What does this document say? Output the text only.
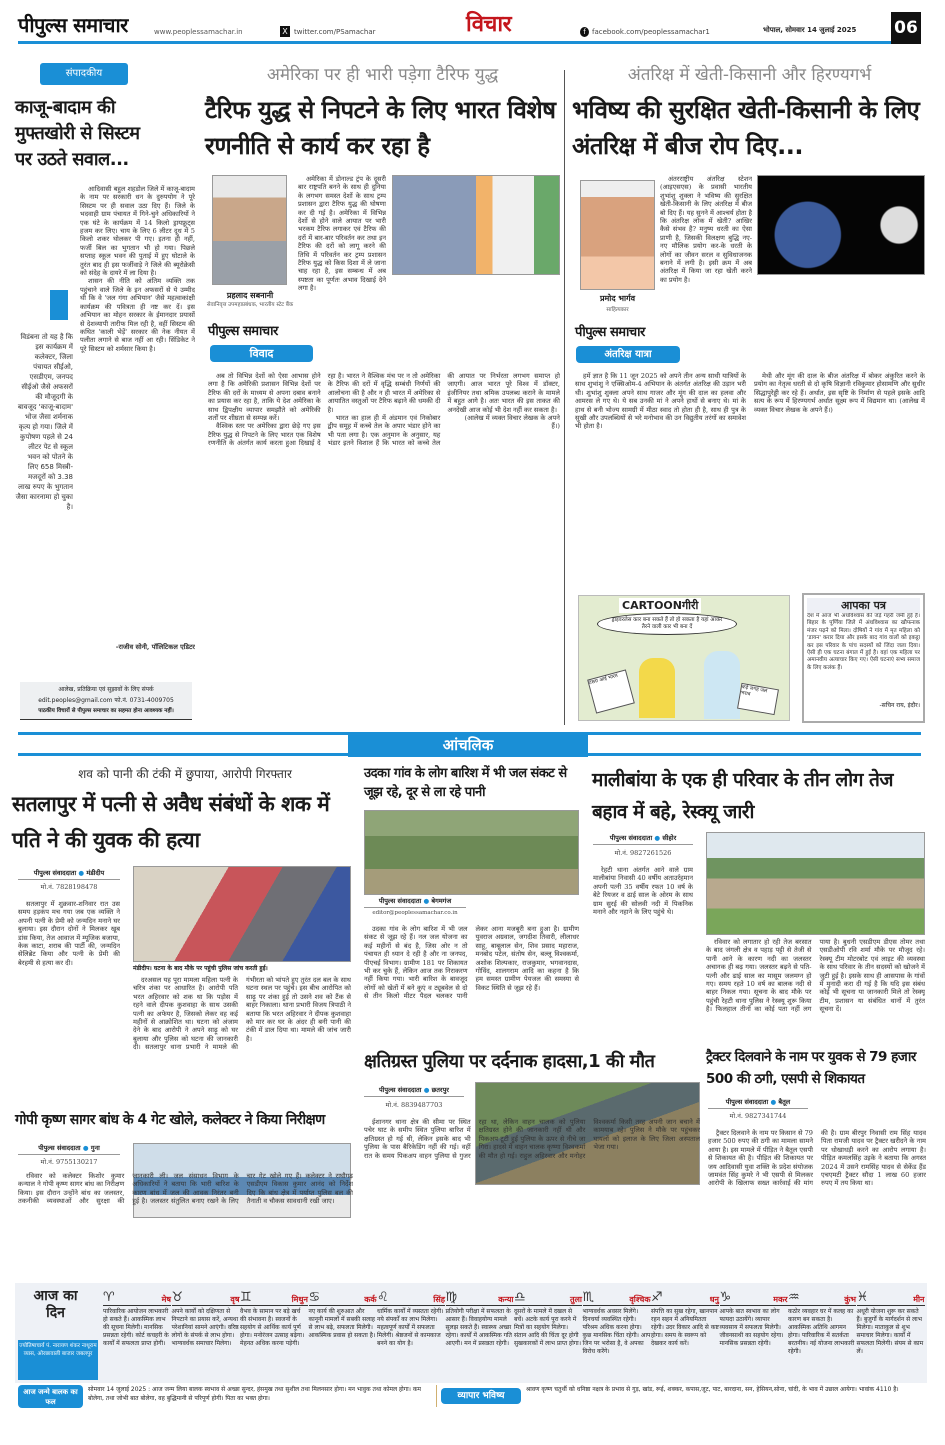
पीपुल्स समाचार	www.peoplessamachar.in	X twitter.com/PSamachar	विचार	f facebook.com/peoplessamachar1	भोपाल, सोमवार 14 जुलाई 2025 06
संपादकीय
काजू-बादाम की मुफ्तखोरी से सिस्टम पर उठते सवाल...
विडंबना तो यह है कि इस कार्यक्रम में कलेक्टर, जिला पंचायत सीईओ, एसडीएम, जनपद सीईओ जैसे अफसरों की मौजूदगी के बावजूद 'काजू-बादाम' भोज जैसा शर्मनाक कृत्य हो गया। जिले में कुपोषण पहले से 24 लीटर पेट से स्कूल भवन को पोतने के लिए 658 मिस्त्री-मजदूरों को 3.38 लाख रुपए के भुगतान जैसा कारनामा हो चुका है।

आदिवासी बहुल शहडोल जिले में काजू-बादाम के नाम पर सरकारी धन के दुरुपयोग ने पूरे सिस्टम पर ही सवाल उठा दिए हैं। जिले के भदवाही ग्राम पंचायत में गिने-चुने अधिकारियों ने एक घंटे के कार्यक्रम में 14 किलो ड्रायफ्रूट्स हजम कर लिए। चाय के लिए 6 लीटर दूध में 5 किलो शकर घोलकर पी गए। इतना ही नहीं, फर्जी बिल का भुगतान भी हो गया। पिछले सप्ताह स्कूल भवन की पुताई में हुए घोटाले के तुरंत बाद ही इस फर्जीवाड़े ने जिले की ब्यूरोक्रेसी को संदेह के दायरे में ला दिया है।

शासन की नीति को अंतिम व्यक्ति तक पहुंचाने वाले जिले के इन अफसरों से ये उम्मीद थी कि वे 'जल गंगा अभियान' जैसे महत्वाकांक्षी कार्यक्रम की पवित्रता ही नष्ट कर दें। इस अभियान का मोहन सरकार के ईमानदार प्रयासों से देशव्यापी तारीफ मिल रही है, वहीं सिस्टम की कथित 'काली भेड़ें' सरकार की नेक नीयत में पलीता लगाने से बाज नहीं आ रही। सिंडिकेट ने पूरे सिस्टम को शर्मसार किया है।

-राजीव सोनी, पॉलिटिकल एडिटर
आलेख, प्रतिक्रिया एवं सुझावों के लिए संपर्क
edit.peoples@gmail.com फो.नं. 0731-4009705
पाठकीय विचारों से पीपुल्स समाचार का सहमत होना आवश्यक नहीं।
अमेरिका पर ही भारी पड़ेगा टैरिफ युद्ध
टैरिफ युद्ध से निपटने के लिए भारत विशेष रणनीति से कार्य कर रहा है
प्रहलाद सबनानी
सेवानिवृत्त उपमहाप्रबंधक, भारतीय स्टेट बैंक
पीपुल्स समाचार
विवाद

अमेरिका में डोनाल्ड ट्रंप के दूसरी बार राष्ट्रपति बनने के साथ ही दुनिया के लगभग समस्त देशों के साथ ट्रम्प प्रशासन द्वारा टैरिफ युद्ध की घोषणा कर दी गई है। अमेरिका में विभिन्न देशों से होने वाले आयात पर भारी भरकम टैरिफ लगाकर एवं टैरिफ की दरों में बार-बार परिवर्तन कर तथा इन टैरिफ की दरों को लागू करने की तिथि में परिवर्तन कर ट्रम्प प्रशासन टैरिफ युद्ध को किस दिशा में ले जाना चाह रहा है, इस सम्बन्ध में अब स्पष्टता का पूर्णतः अभाव दिखाई देने लगा है।

अब तो विभिन्न देशों को ऐसा आभास होने लगा है कि अमेरिकी प्रशासन विभिन्न देशों पर टैरिफ की दरों के माध्यम से अपना दबाव बनाने का प्रयास कर रहा है, ताकि ये देश अमेरिका के साथ द्विपक्षीय व्यापार समझौते को अमेरिकी शर्तों पर शीघ्रता से सम्पन्न करें।

वैश्विक स्तर पर अमेरिका द्वारा छेड़े गए इस टैरिफ युद्ध से निपटने के लिए भारत एक विशेष रणनीति के अंतर्गत कार्य करता हुआ दिखाई दे रहा है। भारत ने वैश्विक मंच पर न तो अमेरिका के टैरिफ की दरों में वृद्धि सम्बंधी निर्णयों की आलोचना की है और न ही भारत में अमेरिका से आयातित वस्तुओं पर टैरिफ बढ़ाने की धमकी दी है।

भारत का हाल ही में अंडमान एवं निकोबार द्वीप समूह में कच्चे तेल के अपार भंडार होने का भी पता लगा है। एक अनुमान के अनुसार, यह भंडार इतने विशाल हैं कि भारत को कच्चे तेल की आयात पर निर्भरता लगभग समाप्त हो जाएगी। आज भारत पूरे विश्व में डॉक्टर, इंजीनियर तथा श्रमिक उपलब्ध कराने के मामले में बहुत आगे है। अतः भारत की इस ताकत की अनदेखी आज कोई भी देश नहीं कर सकता है।

(आलेख में व्यक्त विचार लेखक के अपने हैं।)

अंतरिक्ष में खेती-किसानी और हिरण्यगर्भ
भविष्य की सुरक्षित खेती-किसानी के लिए अंतरिक्ष में बीज रोप दिए...
प्रमोद भार्गव
साहित्यकार
पीपुल्स समाचार
अंतरिक्ष यात्रा

अंतरराष्ट्रीय अंतरिक्ष स्टेशन (आइएसएस) के प्रवासी भारतीय शुभांशु शुक्ला ने भविष्य की सुरक्षित खेती-किसानी के लिए अंतरिक्ष में बीज बो दिए हैं। यह सुनने में आश्चर्य होता है कि अंतरिक्ष लोक में खेती? आखिर कैसे संभव है? मनुष्य धरती का ऐसा प्राणी है, जिसकी विलक्षण बुद्धि नए-नए मौलिक प्रयोग कर-के धरती के लोगों का जीवन सरल व सुविधाजनक बनाने में लगी है। इसी क्रम में अब अंतरिक्ष में किया जा रहा खेती करने का प्रयोग है।

हमें ज्ञात है कि 11 जून 2025 को अपने तीन अन्य साथी यात्रियों के साथ शुभांशु ने एक्सिओम-4 अभियान के अंतर्गत अंतरिक्ष की उड़ान भरी थी। शुभांशु शुक्ला अपने साथ गाजर और मूंग की दाल का हलवा और आमरस ले गए थे। ये सब उनकी मां ने अपने हाथों से बनाए थे। मां के हाथ से बनी भोज्य सामग्री में मीठा स्वाद तो होता ही है, साथ ही पुत्र के सुखी और उपलब्धियों से भरे मनोभाव की उन विद्युतीय तरंगों का समावेश भी होता है।

मेथी और मूंग की दाल के बीज अंतरिक्ष में बोकर अंकुरित करने के प्रयोग का नेतृत्व धरती से दो कृषि विज्ञानी रविकुमार होसामणि और सुधीर सिद्धापुरेड्डी कर रहे हैं। अर्थात, इस सृष्टि के निर्माण से पहले इसके आदि सत्य के रूप में हिरण्यगर्भ अर्थात सूक्ष्म रूप में विद्यमान था। (आलेख में व्यक्त विचार लेखक के अपने हैं।)

CARTOONगीरी
ड्राइवरलेस कार बना सकते हैं तो हो सकता है यहां आकर तैरने वाली कार भी बना दें
टेस्ला आई भारत
कई जगह जल भराव
आपका पत्र
देश में आज भी अंधविश्वास की जड़ें गहरी जमी हुई हैं। बिहार के पूर्णिया जिले में अंधविश्वास का खौफनाक मंजर पढ़ने को मिला। दोषियों ने गांव में मृत महिला को 'डायन' करार दिया और इसके बाद गांव वालों को इकट्ठा कर इस परिवार के पांच सदस्यों को जिंदा जला दिया। ऐसी ही एक घटना बंगाल में हुई है। वहां एक महिला पर अमानवीय अत्याचार किए गए। ऐसी घटनाएं सभ्य समाज के लिए कलंक हैं।
-सचिन राय, इंदौर।
आंचलिक
शव को पानी की टंकी में छुपाया, आरोपी गिरफ्तार
सतलापुर में पत्नी से अवैध संबंधों के शक में पति ने की युवक की हत्या
पीपुल्स संवाददाता ● मंडीदीप
मो.नं. 7828198478
मंडीदीप। घटना के बाद मौके पर पहुंची पुलिस जांच करती हुई।

सतलापुर में शुक्रवार-शनिवार रात उस समय हड़कंप मच गया जब एक व्यक्ति ने अपनी पत्नी के प्रेमी को जन्मदिन मनाने घर बुलाया। इस दौरान दोनों ने मिलकर खूब डांस किया, तेज आवाज में म्यूजिक बजाया, केक काटा, शराब की पार्टी की, जन्मदिन सेलिब्रेट किया और पत्नी के प्रेमी की बेरहमी से हत्या कर दी।

दरअसल यह पूरा मामला महिला पत्नी के चरित्र शंका पर आधारित है। आरोपी पति भरत अहिरवार को शक था कि पड़ोस में रहने वाले दीपक कुशवाहा के साथ उसकी पत्नी का अफेयर है, जिसको लेकर वह कई महीनों से आक्रोशित था। घटना को अंजाम देने के बाद आरोपी ने अपने साढ़ू को घर बुलाया और पुलिस को घटना की जानकारी दी। सतलापुर थाना प्रभारी ने मामले की गंभीरता को भांपते हुए तुरंत दल बल के साथ घटना स्थल पर पहुंचे। इस बीच आरोपित को साढ़ू पर शंका हुई तो उसने शव को टैंक से बाहर निकाला। थाना प्रभारी विजय त्रिपाठी ने बताया कि भरत अहिरवार ने दीपक कुशवाहा को मार कर घर के अंदर ही बनी पानी की टंकी में डाल दिया था। मामले की जांच जारी है।

गोपी कृष्ण सागर बांध के 4 गेट खोले, कलेक्टर ने किया निरीक्षण
पीपुल्स संवाददाता ● गुना
मो.नं. 9755130217

रविवार को कलेक्टर किशोर कुमार कन्याल ने गोपी कृष्ण सागर बांध का निरीक्षण किया। इस दौरान उन्होंने बांध का जलस्तर, तकनीकी व्यवस्थाओं और सुरक्षा की जानकारी ली। जल संसाधन विभाग के अधिकारियों ने बताया कि भारी बारिश के कारण बांध में जल की आवक निरंतर बनी हुई है। जलस्तर संतुलित बनाए रखने के लिए चार गेट खोले गए हैं। कलेक्टर ने राघौगढ़ एसडीएम विकास कुमार आनंद को निर्देश दिए कि बांध क्षेत्र में पर्याप्त पुलिस बल की तैनाती व चौकस सावधानी रखी जाए।

उदका गांव के लोग बारिश में भी जल संकट से जूझ रहे, दूर से ला रहे पानी
पीपुल्स संवाददाता ● बेगमगंज
editor@peoplessamachar.co.in

उदका गांव के लोग बारिश में भी जल संकट से जूझ रहे हैं। नल जल योजना का कई महीनों से बंद है, जिस ओर न तो पंचायत ही ध्यान दे रही है और ना जनपद, पीएचई विभाग। ग्रामीण 181 पर शिकायत भी कर चुके हैं, लेकिन आज तक निराकरण नहीं किया गया। भारी बारिश के बावजूद लोगों को खेतों में बने कुएं व ट्यूबवेल से दो से तीन किलो मीटर पैदल चलकर पानी लेकर आना मजबूरी बना हुआ है। ग्रामीण युवराज अग्रवाल, जगदीश तिवारी, लीलाधर साहू, बाबूलाल सेन, शिव प्रसाद महाराज, मनबोद पटेल, संतोष सेन, बल्लू विश्वकर्मा, अशोक शिल्पकार, राजकुमार, भगवानदास, गोविंद, शालगराम आदि का कहना है कि हम समस्त ग्रामीण पेयजल की समस्या से विकट स्थिति से जूझ रहे हैं।

मालीबांया के एक ही परिवार के तीन लोग तेज बहाव में बहे, रेस्क्यू जारी
पीपुल्स संवाददाता ● सीहोर
मो.नं. 9827261526

रेहटी थाना अंतर्गत आने वाले ग्राम मालीबांया निवासी 40 वर्षीय अताउर्रहमान अपनी पत्नी 35 वर्षीय रफत 10 वर्ष के बेटे रियजर व ढाई साल के ओरम के साथ ग्राम सुरई की सोलवी नदी में पिकनिक मनाने और नहाने के लिए पहुंचे थे।

रविवार को लगातार हो रही तेज बरसात के बाद जंगली क्षेत्र व पहाड़ पट्टी से तेजी से पानी आने के कारण नदी का जलस्तर अचानक ही बढ़ गया। जलस्तर बढ़ने से पति-पत्नी और ढाई साल का मासूम जलमग्न हो गए। समय रहते 10 वर्ष का बालक नदी से बाहर निकल गया। सूचना के बाद मौके पर पहुंची रेहटी थाना पुलिस ने रेस्क्यू शुरू किया है। फिलहाल तीनों का कोई पता नहीं लग पाया है। बुधनी एसडीएम डीएस तोमर तथा एसडीओपी रवि शर्मा मौके पर मौजूद रहे। रेस्क्यू टीम मोटरबोट एवं लाइट की व्यवस्था के साथ परिवार के तीन सदस्यों को खोजने में जुटी हुई है। इसके साथ ही आसपास के गांवों में मुनादी करा दी गई है कि यदि इस संबंध कोई भी सूचना या जानकारी मिले तो रेस्क्यू टीम, प्रशासन या संबंधित थानों में तुरंत सूचना दें।

क्षतिग्रस्त पुलिया पर दर्दनाक हादसा,1 की मौत
पीपुल्स संवाददाता ● छतरपुर
मो.नं. 8839487703

ईशानगर थाना क्षेत्र की सीमा पर स्थित पचेर घाट के समीप स्थित पुलिया बारिश में क्षतिग्रस्त हो गई थी, लेकिन इसके बाद भी पुलिया के पास बैरिकेडिंग नहीं की गई। वहीं रात के समय पिकअप वाहन पुलिया से गुजर रहा था, लेकिन वाहन चालक को पुलिया क्षतिग्रस्त होने की जानकारी नहीं थी और पिकअप टूटी हुई पुलिया के ऊपर से नीचे जा गिरा। हादसे में वाहन चालक कृष्णा विश्वकर्मा की मौत हो गई। राहुल अहिरवार और मनोहर विश्वकर्मा किसी तरह अपनी जान बचाने में कामयाब रहे। पुलिस ने मौके पर पहुंचकर घायलों को इलाज के लिए जिला अस्पताल भेजा गया।

ट्रैक्टर दिलवाने के नाम पर युवक से 79 हजार 500 की ठगी, एसपी से शिकायत
पीपुल्स संवाददाता ● बैतूल
मो.नं. 9827341744

ट्रैक्टर दिलवाने के नाम पर किसान से 79 हजार 500 रुपए की ठगी का मामला सामने आया है। इस मामले में पीड़ित ने बैतूल एसपी से शिकायत की है। पीड़ित की शिकायत पर जय आदिवासी युवा शक्ति के प्रदेश संयोजक जामवंत सिंह कुमरे ने भी एसपी से मिलकर आरोपी के खिलाफ सख्त कार्रवाई की मांग की है। ग्राम बीरपुर निवासी राम सिंह यादव पिता रामजी यादव पर ट्रैक्टर खरीदने के नाम पर धोखाधड़ी करने का आरोप लगाया है। पीड़ित कमलसिंह उइके ने बताया कि अगस्त 2024 में उसने रामसिंह यादव से सेकेंड हैंड एचएमटी ट्रैक्टर सौदा 1 लाख 60 हजार रुपए में तय किया था।

आज का दिन
ज्योतिषाचार्य पं. नारायण शंकर नाथूराम व्यास, ओरछावाली बाजार जबलपुर
♈	मेष
पारिवारिक आयोजन लाभकारी हो सकते हैं। आकस्मिक लाभ की सूचना मिलेगी। मानसिक प्रसन्नता रहेगी। कोर्ट कचहरी के कार्यों में सफलता प्राप्त होगी।
♉	वृष
अपने कार्यों को दक्षिणता से निपटाने का प्रयास करें, अन्यथा परेशानियां सामने आएंगी। वरिष्ठ लोगों के संपर्क से लाभ होगा। भाग्यवर्धक समाचार मिलेगा।
♊	मिथुन
वैभव के सामान पर बड़े खर्च की संभावना है। स्वजनों के सहयोग से आर्थिक कार्य पूर्ण होगा। मनोरंजन उत्साह बढ़ेगा। मेहनत अधिक करना पड़ेगी।
♋	कर्क
नए कार्य की शुरुआत और कानूनी मामलों में सबकी सलाह से लाभ बढ़े, सफलता मिलेगी। आकस्मिक प्रवास हो सकता है।
♌	सिंह
धार्मिक कार्यों में व्यस्तता रहेगी। नये संपर्कों का लाभ मिलेगा। महत्वपूर्ण कार्यों में सफलता मिलेगी। श्रेष्ठजनों से कामकाज बनने का योग है।
♍	कन्या
प्रतियोगी परीक्षा में सफलता के आसार हैं। विवाहयोग्य मामले सुलझ सकते हैं। स्वास्थ्य अच्छा रहेगा। कार्यों में आकस्मिक गति आएगी। मन में प्रसन्नता रहेगी।
♎	तुला
दूसरों के मामले में दखल से बचें। अटके कार्य पूरा करने में मित्रों का सहयोग मिलेगा। संतान आदि की चिंता दूर होगी सुखकारकों में लाभ प्राप्त होगा।
♏	वृश्चिक
भाग्यवर्धक अवसर मिलेंगे। दिनचर्या व्यवस्थित रहेगी। परिश्रम अधिक करना होगा। कुछ मानसिक चिंता रहेगी। आप जिन पर भरोसा है, वे अपका विरोध करेंगे।
♐	धनु
संपत्ति का सुख रहेगा, खानपान रहन सहन में अनियमितता रहेगी। उदर विकार आदि से कष्ट होगा। समय के स्वरूप को देखकर कार्य करें।
♑	मकर
आपके बात स्वभाव का लोग फायदा उठायेंगे। व्यापार व्यवसाय में सफलता मिलेगी। जीवनसाथी का सहयोग रहेगा। मानसिक प्रसन्नता रहेगी।
♒	कुंभ
कठोर व्यवहार घर में कलह का कारण बन सकता है। आकस्मिक अतिथि आगमन होगा। पारिवारिक में सतर्कता बरतनीय। नई योजना लाभकारी रहेगी।
♓	मीन
अधूरी योजना शुरू कर सकते हैं। बुजुर्गों के मार्गदर्शन से लाभ मिलेगा। माताकुल से शुभ समाचार मिलेगा। कार्यों में सफलता मिलेगी। संयम से काम लें।
आज जन्मे बालक का फल
सोमवार 14 जुलाई 2025 : आज जन्म लिया बालक स्वभाव से अच्छा सुन्दर, हंसमुख तथा सुशील तथा मिलनसार होगा। मन भावुक तथा कोमल होगा। कम बोलेगा, तथा जोभी बात बोलेगा, वह बुद्धिमानी से परिपूर्ण होगी। पिता का भक्त होगा।	व्यापार भविष्य
श्रावण कृष्ण चतुर्थी को धनिष्ठा नक्षत्र के प्रभाव से गुड़, खांड, रूई, शक्कर, कपास,जूट, पाट, बारदाना, सन, हेसियन,सोना, चांदी, के भाव में उछाल आयेगा। भावांक 4110 है।
